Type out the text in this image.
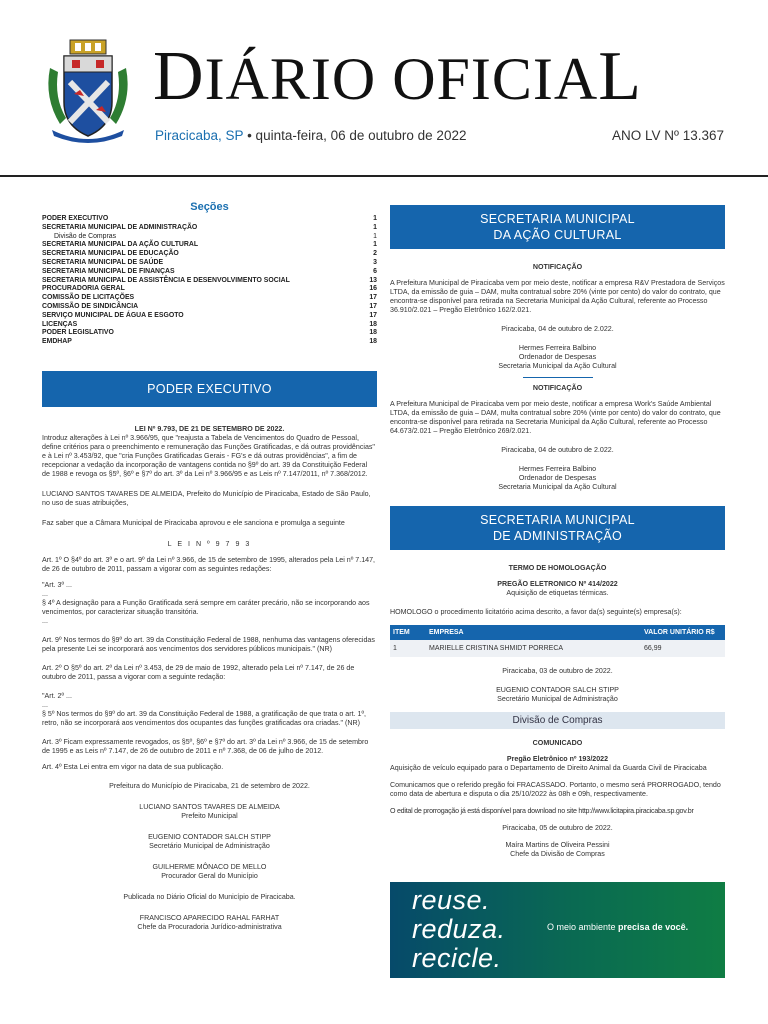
DIÁRIO OFICIAL
Piracicaba, SP • quinta-feira, 06 de outubro de 2022	ANO LV Nº 13.367
Seções
PODER EXECUTIVO	1
SECRETARIA MUNICIPAL DE ADMINISTRAÇÃO	1
Divisão de Compras	1
SECRETARIA MUNICIPAL DA AÇÃO CULTURAL	1
SECRETARIA MUNICIPAL DE EDUCAÇÃO	2
SECRETARIA MUNICIPAL DE SAÚDE	3
SECRETARIA MUNICIPAL DE FINANÇAS	6
SECRETARIA MUNICIPAL DE ASSISTÊNCIA E DESENVOLVIMENTO SOCIAL	13
PROCURADORIA GERAL	16
COMISSÃO DE LICITAÇÕES	17
COMISSÃO DE SINDICÂNCIA	17
SERVIÇO MUNICIPAL DE ÁGUA E ESGOTO	17
LICENÇAS	18
PODER LEGISLATIVO	18
EMDHAP	18
PODER EXECUTIVO

LEI Nº 9.793, DE 21 DE SETEMBRO DE 2022.

Introduz alterações à Lei nº 3.966/95, que "reajusta a Tabela de Vencimentos do Quadro de Pessoal, define critérios para o preenchimento e remuneração das Funções Gratificadas, e dá outras providências" e à Lei nº 3.453/92, que "cria Funções Gratificadas Gerais - FG's e dá outras providências", a fim de recepcionar a vedação da incorporação de vantagens contida no §9º do art. 39 da Constituição Federal de 1988 e revoga os §5º, §6º e §7º do art. 3º da Lei nº 3.966/95 e as Leis nº 7.147/2011, nº 7.368/2012.

LUCIANO SANTOS TAVARES DE ALMEIDA, Prefeito do Município de Piracicaba, Estado de São Paulo, no uso de suas atribuições,

Faz saber que a Câmara Municipal de Piracicaba aprovou e ele sanciona e promulga a seguinte

L E I N º 9 7 9 3

Art. 1º O §4º do art. 3º e o art. 9º da Lei nº 3.966, de 15 de setembro de 1995, alterados pela Lei nº 7.147, de 26 de outubro de 2011, passam a vigorar com as seguintes redações:

"Art. 3º ...

...

§ 4º A designação para a Função Gratificada será sempre em caráter precário, não se incorporando aos vencimentos, por caracterizar situação transitória.

...

Art. 9º Nos termos do §9º do art. 39 da Constituição Federal de 1988, nenhuma das vantagens oferecidas pela presente Lei se incorporará aos vencimentos dos servidores públicos municipais." (NR)

Art. 2º O §5º do art. 2º da Lei nº 3.453, de 29 de maio de 1992, alterado pela Lei nº 7.147, de 26 de outubro de 2011, passa a vigorar com a seguinte redação:

"Art. 2º ...

...

§ 5º Nos termos do §9º do art. 39 da Constituição Federal de 1988, a gratificação de que trata o art. 1º, retro, não se incorporará aos vencimentos dos ocupantes das funções gratificadas ora criadas." (NR)

Art. 3º Ficam expressamente revogados, os §5º, §6º e §7º do art. 3º da Lei nº 3.966, de 15 de setembro de 1995 e as Leis nº 7.147, de 26 de outubro de 2011 e nº 7.368, de 06 de julho de 2012.

Art. 4º Esta Lei entra em vigor na data de sua publicação.

Prefeitura do Município de Piracicaba, 21 de setembro de 2022.

LUCIANO SANTOS TAVARES DE ALMEIDA
Prefeito Municipal
EUGENIO CONTADOR SALCH STIPP
Secretário Municipal de Administração
GUILHERME MÔNACO DE MELLO
Procurador Geral do Município

Publicada no Diário Oficial do Município de Piracicaba.

FRANCISCO APARECIDO RAHAL FARHAT
Chefe da Procuradoria Jurídico-administrativa
SECRETARIA MUNICIPAL
DA AÇÃO CULTURAL

NOTIFICAÇÃO

A Prefeitura Municipal de Piracicaba vem por meio deste, notificar a empresa R&V Prestadora de Serviços LTDA, da emissão de guia – DAM, multa contratual sobre 20% (vinte por cento) do valor do contrato, que encontra-se disponível para retirada na Secretaria Municipal da Ação Cultural, referente ao Processo 36.910/2.021 – Pregão Eletrônico 162/2.021.

Piracicaba, 04 de outubro de 2.022.

Hermes Ferreira Balbino
Ordenador de Despesas
Secretaria Municipal da Ação Cultural

NOTIFICAÇÃO

A Prefeitura Municipal de Piracicaba vem por meio deste, notificar a empresa Work's Saúde Ambiental LTDA, da emissão de guia – DAM, multa contratual sobre 20% (vinte por cento) do valor do contrato, que encontra-se disponível para retirada na Secretaria Municipal da Ação Cultural, referente ao Processo 64.673/2.021 – Pregão Eletrônico 269/2.021.

Piracicaba, 04 de outubro de 2.022.

Hermes Ferreira Balbino
Ordenador de Despesas
Secretaria Municipal da Ação Cultural
SECRETARIA MUNICIPAL
DE ADMINISTRAÇÃO

TERMO DE HOMOLOGAÇÃO

PREGÃO ELETRONICO Nº 414/2022

Aquisição de etiquetas térmicas.

HOMOLOGO o procedimento licitatório acima descrito, a favor da(s) seguinte(s) empresa(s):

ITEM	EMPRESA	VALOR UNITÁRIO R$
1	MARIELLE CRISTINA SHMIDT PORRECA	66,99

Piracicaba, 03 de outubro de 2022.

EUGENIO CONTADOR SALCH STIPP
Secretário Municipal de Administração
Divisão de Compras

COMUNICADO

Pregão Eletrônico nº 193/2022

Aquisição de veículo equipado para o Departamento de Direito Animal da Guarda Civil de Piracicaba

Comunicamos que o referido pregão foi FRACASSADO. Portanto, o mesmo será PRORROGADO, tendo como data de abertura e disputa o dia 25/10/2022 às 08h e 09h, respectivamente.

O edital de prorrogação já está disponível para download no site http://www.licitapira.piracicaba.sp.gov.br

Piracicaba, 05 de outubro de 2022.

Maíra Martins de Oliveira Pessini
Chefe da Divisão de Compras
reuse.
reduza.
recicle.
O meio ambiente precisa de você.
